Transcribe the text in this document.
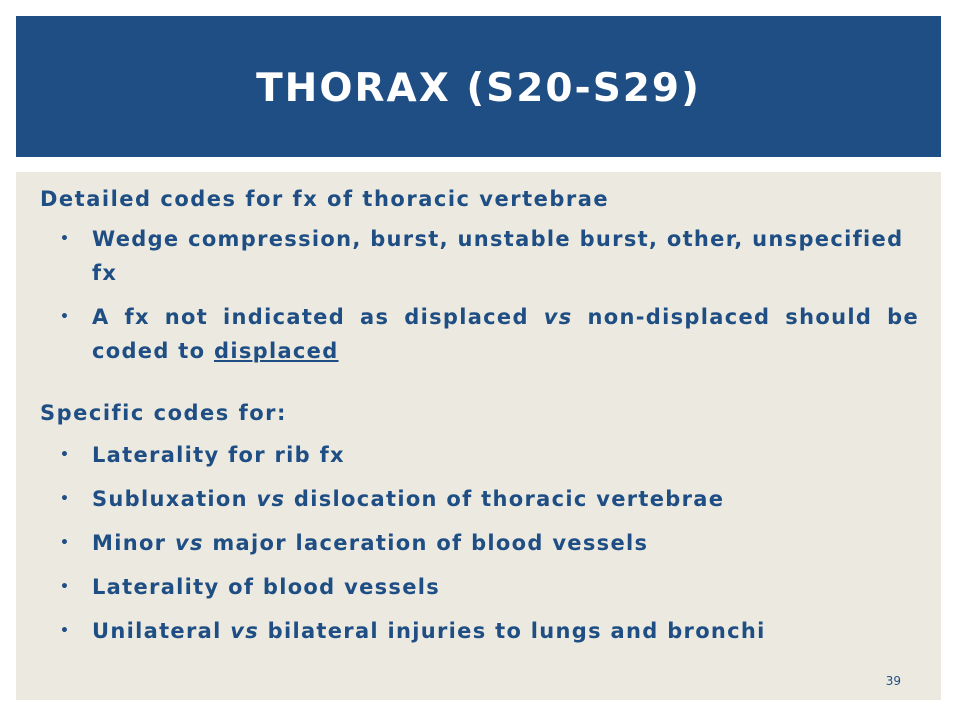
THORAX (S20-S29)

Detailed codes for fx of thoracic vertebrae

• Wedge compression, burst, unstable burst, other, unspecified fx
• A fx not indicated as displaced vs non-displaced should be coded to displaced

Specific codes for:

• Laterality for rib fx
• Subluxation vs dislocation of thoracic vertebrae
• Minor vs major laceration of blood vessels
• Laterality of blood vessels
• Unilateral vs bilateral injuries to lungs and bronchi
39
